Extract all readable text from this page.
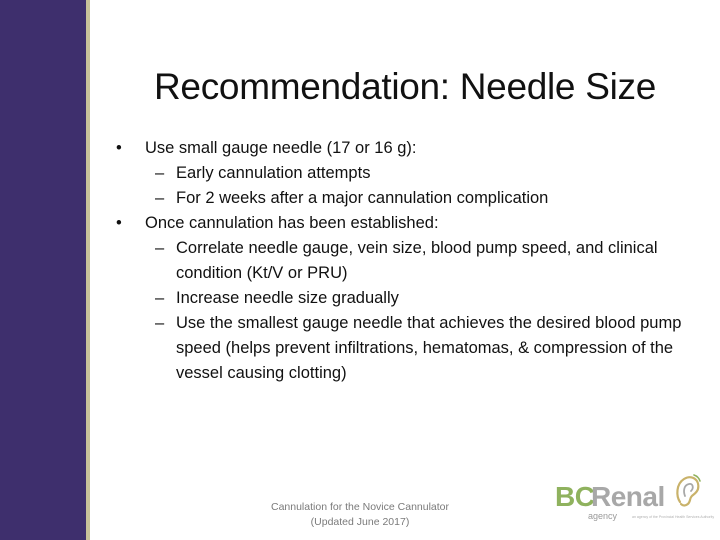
Recommendation: Needle Size
• Use small gauge needle (17 or 16 g):
– Early cannulation attempts
– For 2 weeks after a major cannulation complication
• Once cannulation has been established:
– Correlate needle gauge, vein size, blood pump speed, and clinical condition (Kt/V or PRU)
– Increase needle size gradually
– Use the smallest gauge needle that achieves the desired blood pump speed (helps prevent infiltrations, hematomas, & compression of the vessel causing clotting)
Cannulation for the Novice Cannulator
(Updated June 2017)
BC
Renal
agency	an agency of the Provincial Health Services Authority
